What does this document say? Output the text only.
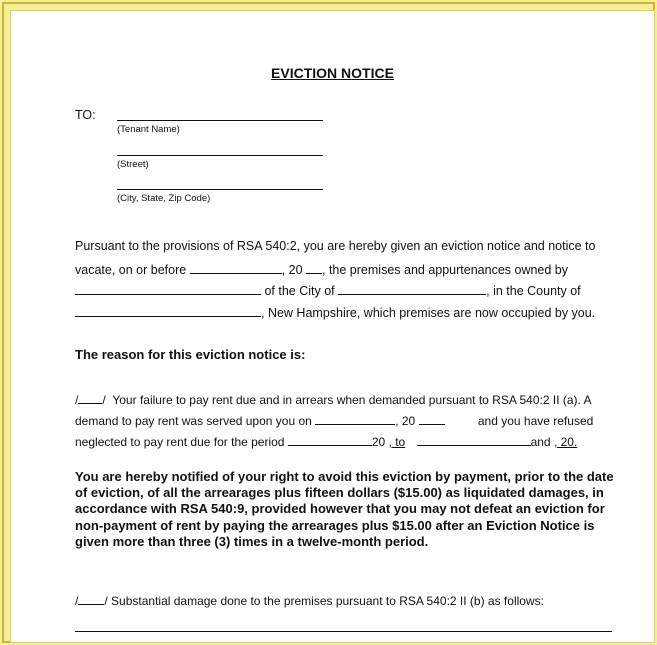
EVICTION NOTICE
TO:
(Tenant Name)
(Street)
(City, State, Zip Code)
Pursuant to the provisions of RSA 540:2, you are hereby given an eviction notice and notice to
vacate, on or before	, 20 , the premises and appurtenances owned by
of the City of	, in the County of
, New Hampshire, which premises are now occupied by you.
The reason for this eviction notice is:
/ / Your failure to pay rent due and in arrears when demanded pursuant to RSA 540:2 II (a). A
demand to pay rent was served upon you on	, 20	and you have refused
neglected to pay rent due for the period	20 , to	and , 20.
You are hereby notified of your right to avoid this eviction by payment, prior to the date of eviction, of all the arrearages plus fifteen dollars ($15.00) as liquidated damages, in accordance with RSA 540:9, provided however that you may not defeat an eviction for non-payment of rent by paying the arrearages plus $15.00 after an Eviction Notice is given more than three (3) times in a twelve-month period.
/ / Substantial damage done to the premises pursuant to RSA 540:2 II (b) as follows:
